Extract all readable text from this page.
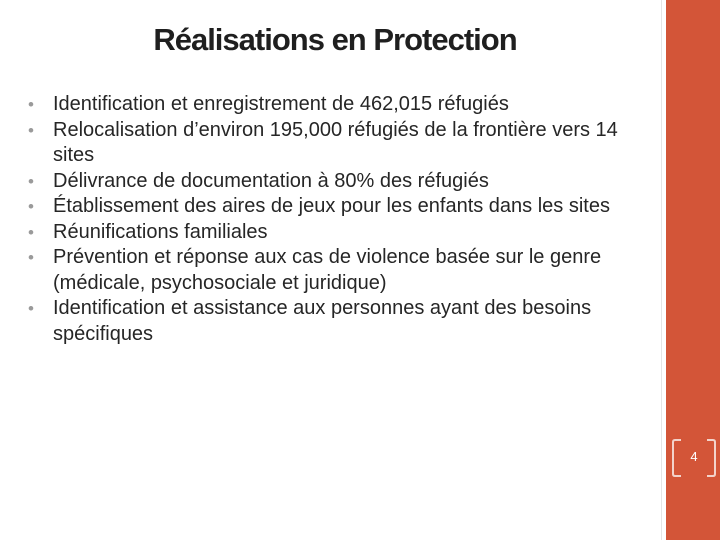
Réalisations en Protection
• Identification et enregistrement de 462,015 réfugiés
• Relocalisation d’environ 195,000 réfugiés de la frontière vers 14 sites
• Délivrance de documentation à 80% des réfugiés
• Établissement des aires de jeux pour les enfants dans les sites
• Réunifications familiales
• Prévention et réponse aux cas de violence basée sur le genre (médicale, psychosociale et juridique)
• Identification et assistance aux personnes ayant des besoins spécifiques
4
